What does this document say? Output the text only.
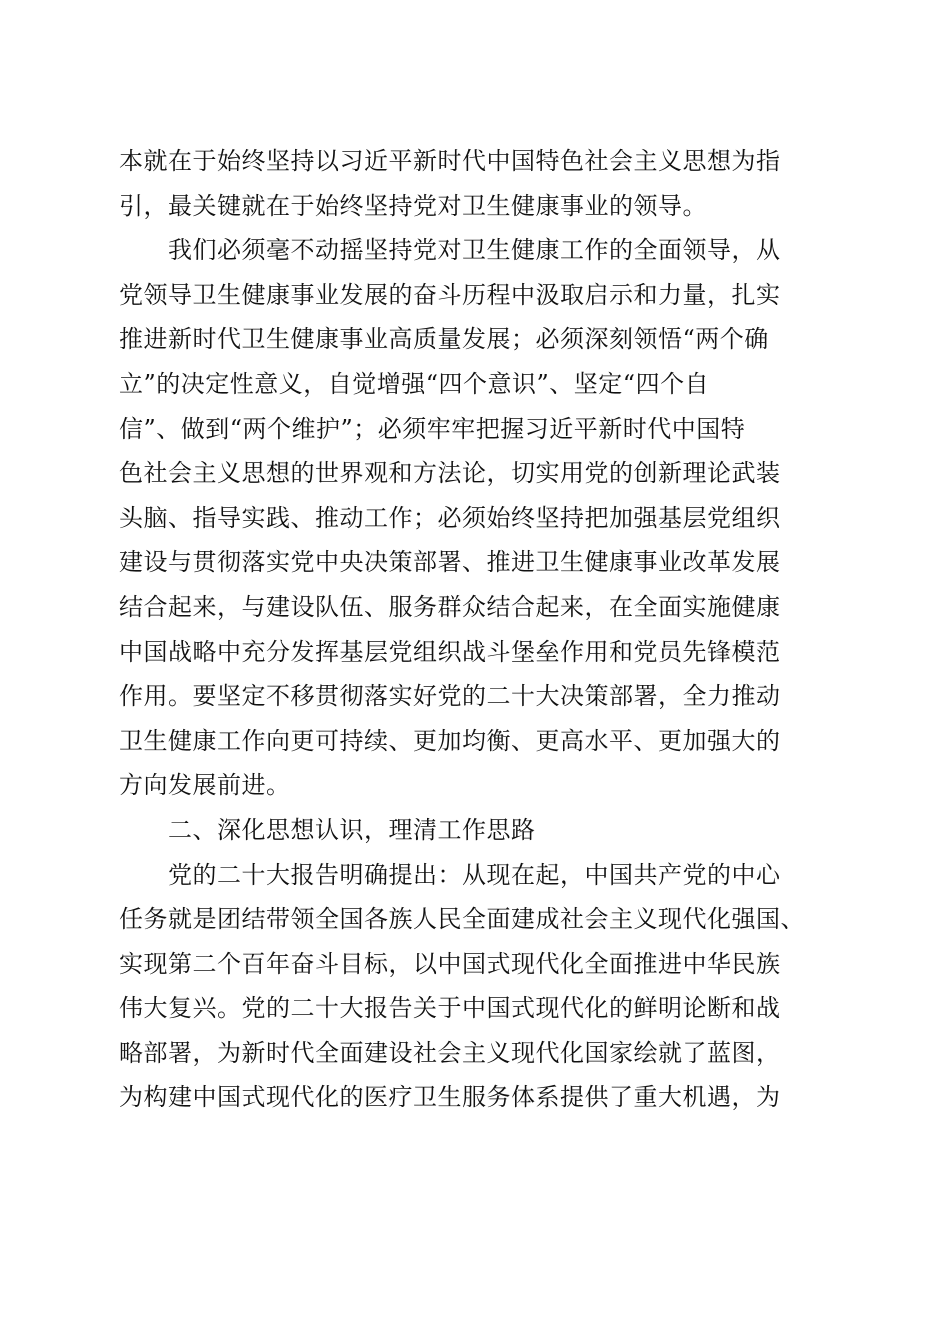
本就在于始终坚持以习近平新时代中国特色社会主义思想为指
引，最关键就在于始终坚持党对卫生健康事业的领导。
　　我们必须毫不动摇坚持党对卫生健康工作的全面领导，从
党领导卫生健康事业发展的奋斗历程中汲取启示和力量，扎实
推进新时代卫生健康事业高质量发展；必须深刻领悟“两个确
立”的决定性意义，自觉增强“四个意识”、坚定“四个自
信”、做到“两个维护”；必须牢牢把握习近平新时代中国特
色社会主义思想的世界观和方法论，切实用党的创新理论武装
头脑、指导实践、推动工作；必须始终坚持把加强基层党组织
建设与贯彻落实党中央决策部署、推进卫生健康事业改革发展
结合起来，与建设队伍、服务群众结合起来，在全面实施健康
中国战略中充分发挥基层党组织战斗堡垒作用和党员先锋模范
作用。要坚定不移贯彻落实好党的二十大决策部署，全力推动
卫生健康工作向更可持续、更加均衡、更高水平、更加强大的
方向发展前进。
　　二、深化思想认识，理清工作思路
　　党的二十大报告明确提出：从现在起，中国共产党的中心
任务就是团结带领全国各族人民全面建成社会主义现代化强国、
实现第二个百年奋斗目标，以中国式现代化全面推进中华民族
伟大复兴。党的二十大报告关于中国式现代化的鲜明论断和战
略部署，为新时代全面建设社会主义现代化国家绘就了蓝图，
为构建中国式现代化的医疗卫生服务体系提供了重大机遇，为
